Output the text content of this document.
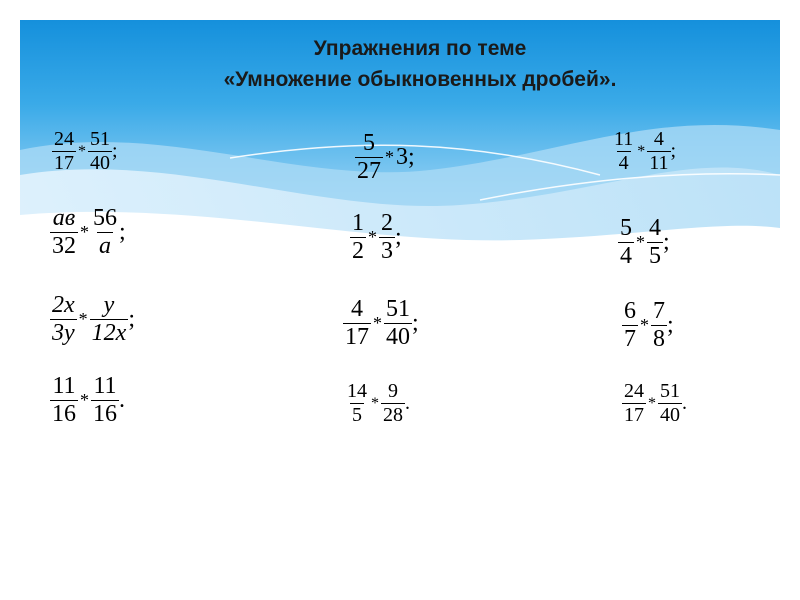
Упражнения по теме
«Умножение обыкновенных дробей».
$\frac{24}{17} * \frac{51}{40}$ ;	$\frac{5}{27} * 3$;	$\frac{11}{4} * \frac{4}{11}$ ;
$\frac{ав}{32} * \frac{56}{а}$ ;	$\frac{1}{2} * \frac{2}{3}$ ;	$\frac{5}{4} * \frac{4}{5}$ ;
$\frac{2x}{3y} * \frac{y}{12x}$ ;	$\frac{4}{17} * \frac{51}{40}$ ;	$\frac{6}{7} * \frac{7}{8}$ ;
$\frac{11}{16} * \frac{11}{16}$ .	$\frac{14}{5} * \frac{9}{28}$ .	$\frac{24}{17} * \frac{51}{40}$ .
